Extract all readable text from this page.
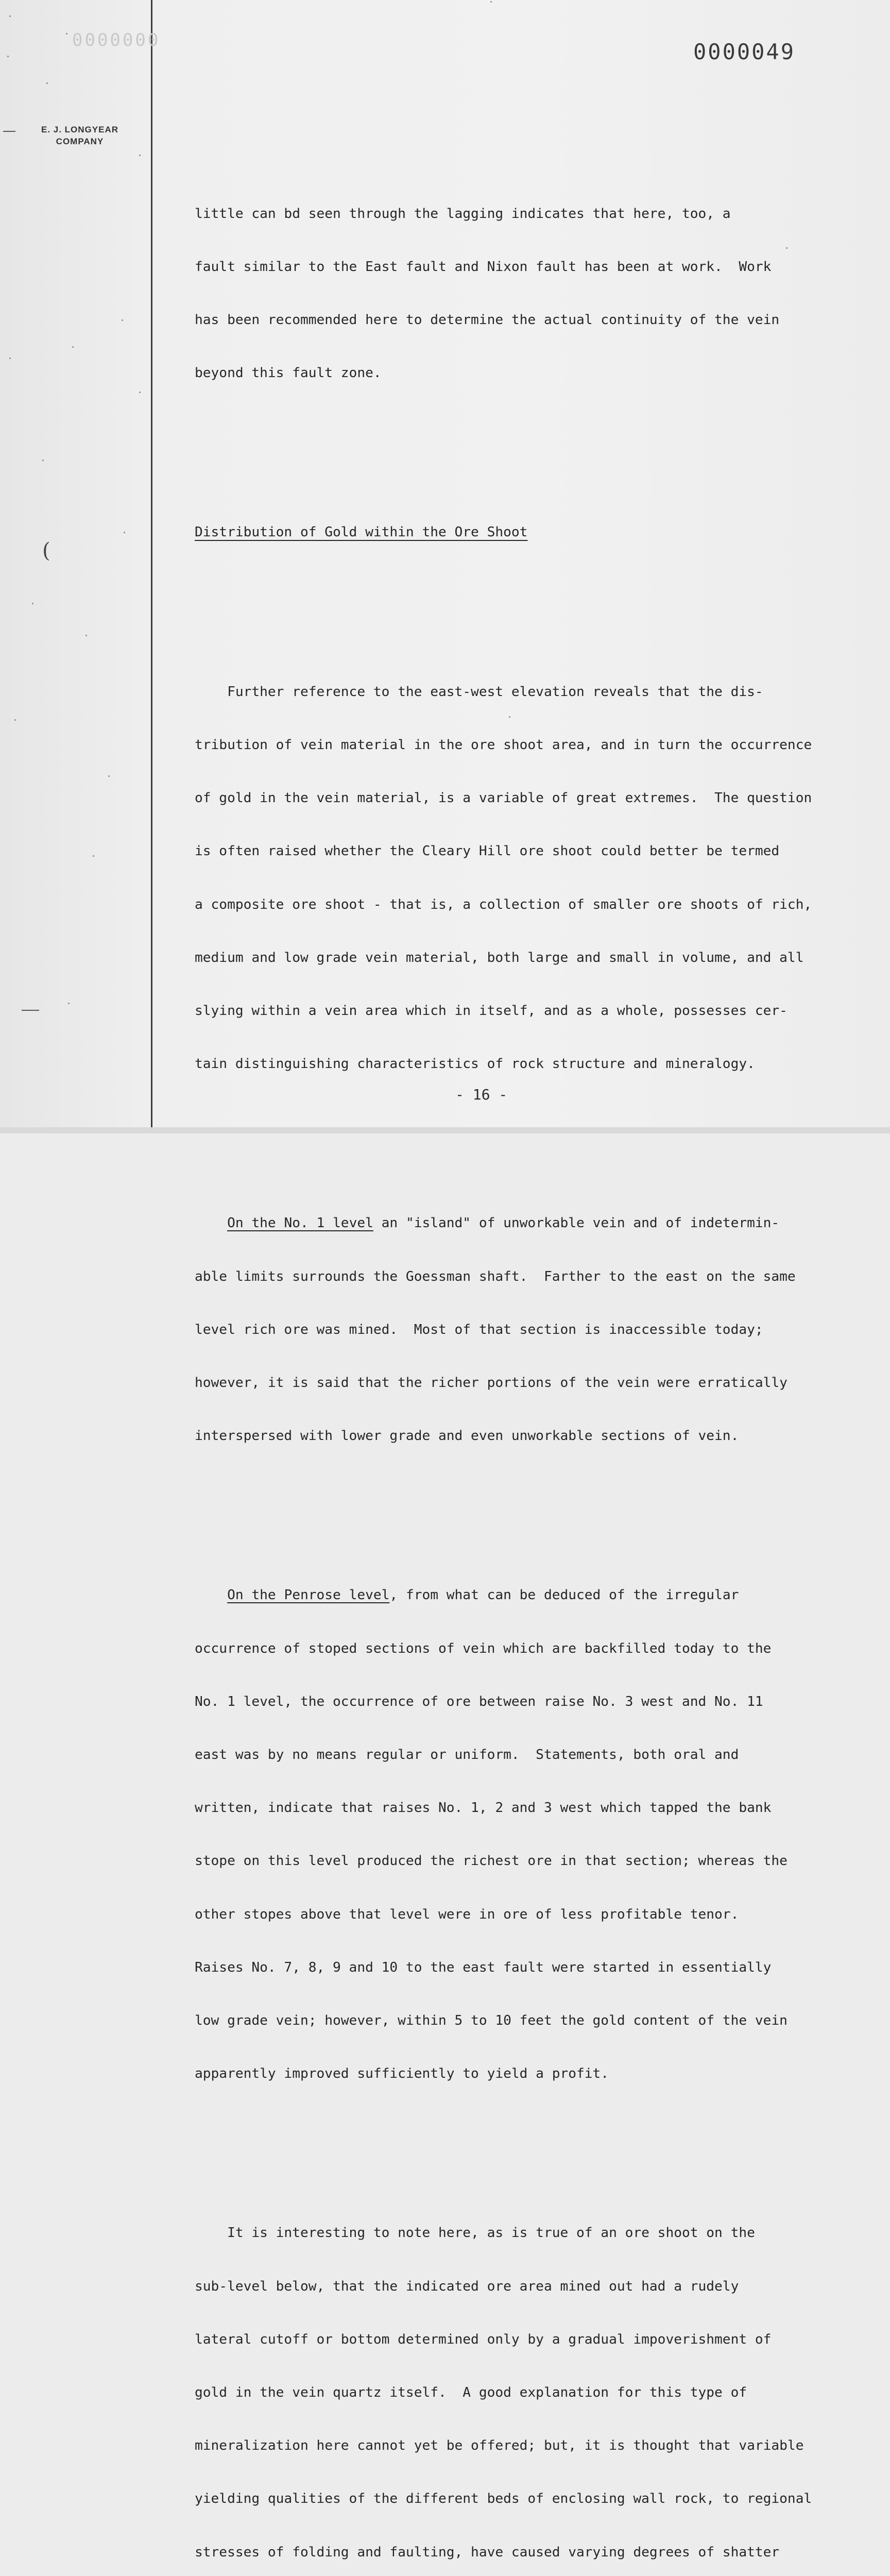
0000000	0000049
E. J. LONGYEAR
COMPANY
(

little can bd seen through the lagging indicates that here, too, a

fault similar to the East fault and Nixon fault has been at work.  Work

has been recommended here to determine the actual continuity of the vein

beyond this fault zone.

Distribution of Gold within the Ore Shoot

Further reference to the east-west elevation reveals that the dis-

tribution of vein material in the ore shoot area, and in turn the occurrence

of gold in the vein material, is a variable of great extremes.  The question

is often raised whether the Cleary Hill ore shoot could better be termed

a composite ore shoot - that is, a collection of smaller ore shoots of rich,

medium and low grade vein material, both large and small in volume, and all

slying within a vein area which in itself, and as a whole, possesses cer-

tain distinguishing characteristics of rock structure and mineralogy.

On the No. 1 level an "island" of unworkable vein and of indetermin-

able limits surrounds the Goessman shaft.  Farther to the east on the same

level rich ore was mined.  Most of that section is inaccessible today;

however, it is said that the richer portions of the vein were erratically

interspersed with lower grade and even unworkable sections of vein.

On the Penrose level, from what can be deduced of the irregular

occurrence of stoped sections of vein which are backfilled today to the

No. 1 level, the occurrence of ore between raise No. 3 west and No. 11

east was by no means regular or uniform.  Statements, both oral and

written, indicate that raises No. 1, 2 and 3 west which tapped the bank

stope on this level produced the richest ore in that section; whereas the

other stopes above that level were in ore of less profitable tenor.

Raises No. 7, 8, 9 and 10 to the east fault were started in essentially

low grade vein; however, within 5 to 10 feet the gold content of the vein

apparently improved sufficiently to yield a profit.

It is interesting to note here, as is true of an ore shoot on the

sub-level below, that the indicated ore area mined out had a rudely

lateral cutoff or bottom determined only by a gradual impoverishment of

gold in the vein quartz itself.  A good explanation for this type of

mineralization here cannot yet be offered; but, it is thought that variable

yielding qualities of the different beds of enclosing wall rock, to regional

stresses of folding and faulting, have caused varying degrees of shatter

- 16 -
